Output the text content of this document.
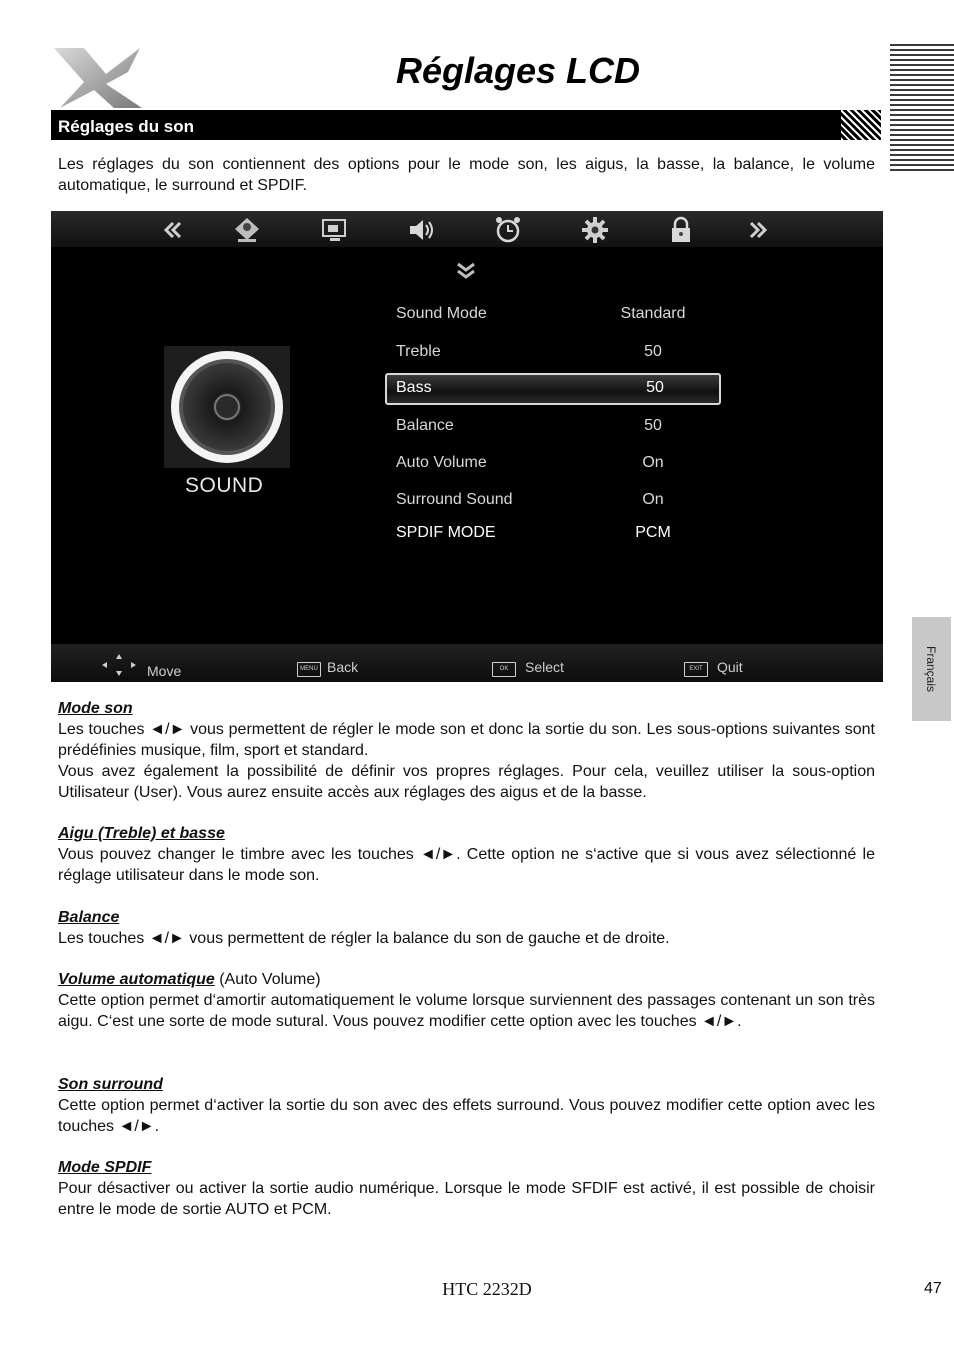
Réglages LCD
Réglages du son
Les réglages du son contiennent des options pour le mode son, les aigus, la basse, la balance, le volume automatique, le surround et SPDIF.
SOUND
Sound Mode	Standard
Treble	50
Bass	50
Balance	50
Auto Volume	On
Surround Sound	On
SPDIF MODE	PCM
Move	MENU Back	OK	Select	EXIT	Quit
Mode son
Les touches ◄/► vous permettent de régler le mode son et donc la sortie du son. Les sous-options suivantes sont prédéfinies musique, film, sport et standard.
Vous avez également la possibilité de définir vos propres réglages. Pour cela, veuillez utiliser la sous-option Utilisateur (User). Vous aurez ensuite accès aux réglages des aigus et de la basse.
Aigu (Treble) et basse
Vous pouvez changer le timbre avec les touches ◄/►. Cette option ne s‘active que si vous avez sélectionné le réglage utilisateur dans le mode son.
Balance
Les touches ◄/► vous permettent de régler la balance du son de gauche et de droite.
Volume automatique (Auto Volume)
Cette option permet d‘amortir automatiquement le volume lorsque surviennent des passages contenant un son très aigu. C‘est une sorte de mode sutural. Vous pouvez modifier cette option avec les touches ◄/►.
Son surround
Cette option permet d‘activer la sortie du son avec des effets surround. Vous pouvez modifier cette option avec les touches ◄/►.
Mode SPDIF
Pour désactiver ou activer la sortie audio numérique. Lorsque le mode SFDIF est activé, il est possible de choisir entre le mode de sortie AUTO et PCM.
Français
HTC 2232D	47
